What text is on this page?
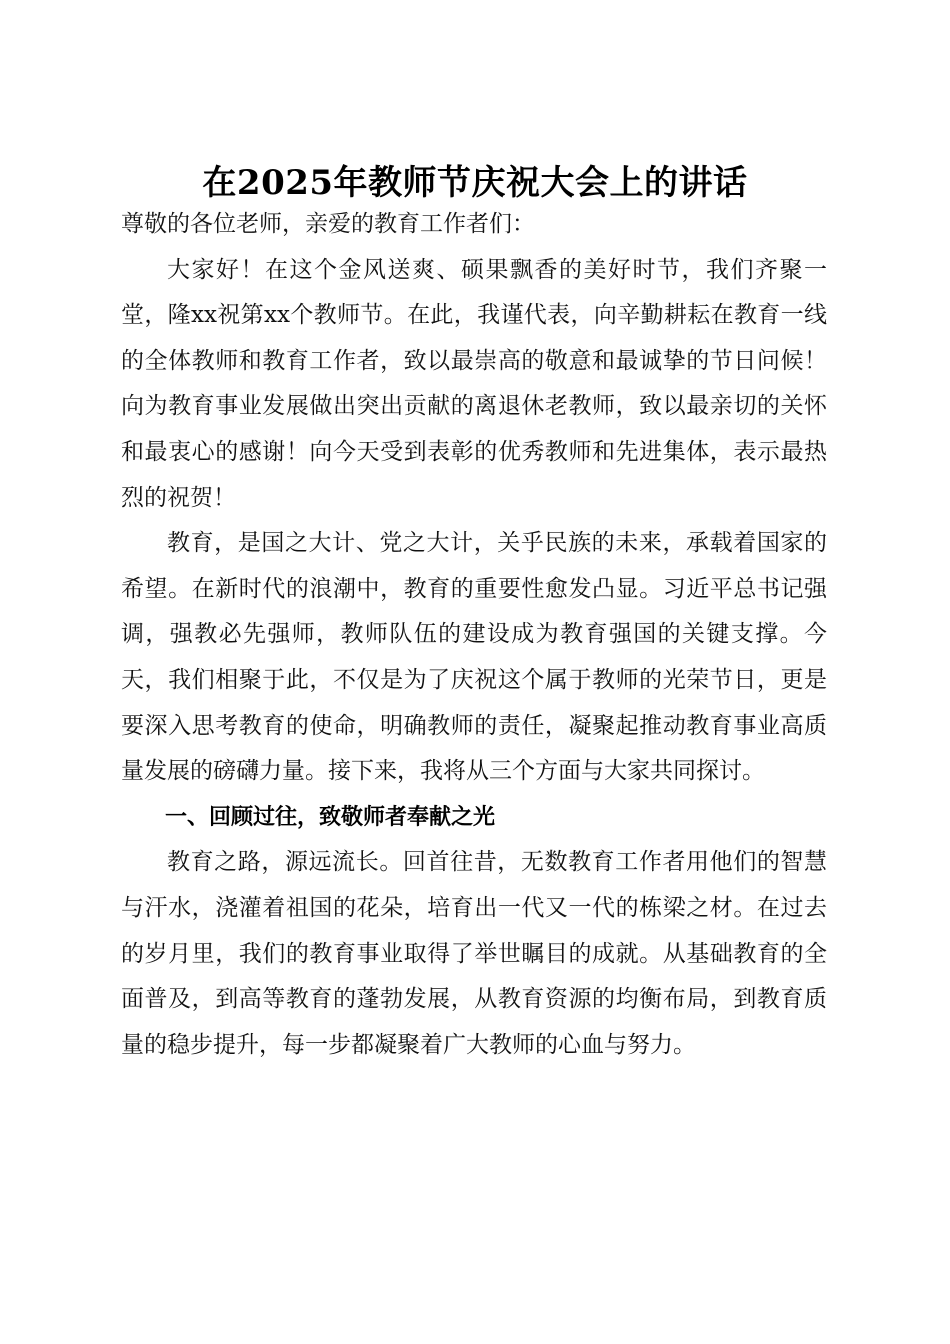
在2025年教师节庆祝大会上的讲话

尊敬的各位老师，亲爱的教育工作者们：

大家好！在这个金风送爽、硕果飘香的美好时节，我们齐聚一堂，隆xx祝第xx个教师节。在此，我谨代表，向辛勤耕耘在教育一线的全体教师和教育工作者，致以最崇高的敬意和最诚挚的节日问候！向为教育事业发展做出突出贡献的离退休老教师，致以最亲切的关怀和最衷心的感谢！向今天受到表彰的优秀教师和先进集体，表示最热烈的祝贺！

教育，是国之大计、党之大计，关乎民族的未来，承载着国家的希望。在新时代的浪潮中，教育的重要性愈发凸显。习近平总书记强调，强教必先强师，教师队伍的建设成为教育强国的关键支撑。今天，我们相聚于此，不仅是为了庆祝这个属于教师的光荣节日，更是要深入思考教育的使命，明确教师的责任，凝聚起推动教育事业高质量发展的磅礴力量。接下来，我将从三个方面与大家共同探讨。

一、回顾过往，致敬师者奉献之光

教育之路，源远流长。回首往昔，无数教育工作者用他们的智慧与汗水，浇灌着祖国的花朵，培育出一代又一代的栋梁之材。在过去的岁月里，我们的教育事业取得了举世瞩目的成就。从基础教育的全面普及，到高等教育的蓬勃发展，从教育资源的均衡布局，到教育质量的稳步提升，每一步都凝聚着广大教师的心血与努力。
